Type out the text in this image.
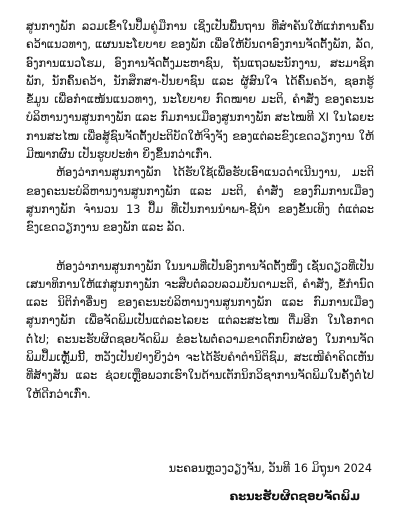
ສູນກາງພັກ ລວມເຂົ້າໃນປຶ້ມຄູ່ມືການ ເຊິ່ງເປັນພື້ນຖານ ທີ່ສຳຄັນໃຫ້ແກ່ການຄົ້ນຄວ້າແນວທາງ, ແຜນນະໂຍບາຍ ຂອງພັກ ເພື່ອໃຫ້ບັນດາອົງການຈັດຕັ້ງພັກ, ລັດ, ອົງການແນວໂຮມ, ອົງການຈັດຕັ້ງມະຫາຊົນ, ຖັນແຖວພະນັກງານ, ສະມາຊິກພັກ, ນັກຄົ້ນຄວ້າ, ນັກສຶກສາ-ປັນຍາຊົນ ແລະ ຜູ້ສົນໃຈ ໄດ້ຄົ້ນຄວ້າ, ຊອກຮູ້ຂໍ້ມູນ ເພື່ອກຳແໜ້ນແນວທາງ, ນະໂຍບາຍ ກົດໝາຍ ມະຕິ, ຄຳສັ່ງ ຂອງຄະນະບໍລິຫານງານສູນກາງພັກ ແລະ ກົມການເມືອງສູນກາງພັກ ສະໄໝທີ XI ໃນໄລຍະການສະໄໝ ເພື່ອສູ້ຊົນຈັດຕັ້ງປະຕິບັດໃຫ້ຈິງຈັງ ຂອງແຕ່ລະຂົງເຂດວຽກງານ ໃຫ້ມີໝາກຜົນ ເປັນຮູບປະທຳ ຍິ່ງຂຶ້ນກວ່າເກົ່າ.

ຫ້ອງວ່າການສູນກາງພັກ ໄດ້ຮັບໃຊ້ເພື່ອຮັບເອົາແນວດຳເນີນງານ, ມະຕິ ຂອງຄະນະບໍລິຫານງານສູນກາງພັກ ແລະ ມະຕິ, ຄຳສັ່ງ ຂອງກົມການເມືອງສູນກາງພັກ ຈຳນວນ 13 ປຶ້ມ ທີ່ເປັນການນຳພາ-ຊີ້ນຳ ຂອງຂັ້ນເທິງ ຕໍ່ແຕ່ລະຂົງເຂດວຽກງານ ຂອງພັກ ແລະ ລັດ.

ຫ້ອງວ່າການສູນກາງພັກ ໃນນາມທີ່ເປັນອົງການຈັດຕັ້ງໜຶ່ງ ເຊັ່ນດຽວທີ່ເປັນເສນາທິການໃຫ້ແກ່ສູນກາງພັກ ຈະສືບຕໍ່ລວບລວມບັນດາມະຕິ, ຄຳສັ່ງ, ຂໍ້ກຳນົດ ແລະ ນິຕິກຳອື່ນໆ ຂອງຄະນະບໍລິຫານງານສູນກາງພັກ ແລະ ກົມການເມືອງສູນກາງພັກ ເພື່ອຈັດພິມເປັນແຕ່ລະໄລຍະ ແຕ່ລະສະໄໝ ຕື່ມອີກ ໃນໂອກາດຕໍ່ໄປ; ຄະນະຮັບຜິດຊອບຈັດພິມ ຂໍອະໄພຕໍ່ຄວາມຂາດຕົກບົກຜ່ອງ ໃນການຈັດພິມປຶ້ມເຫຼັ້ມນີ້, ຫວັງເປັນຢ່າງຍິ່ງວ່າ ຈະໄດ້ຮັບຄຳຕຳນິຕິຊົມ, ສະເໜີຄຳຄິດເຫັນ ທີ່ສ້າງສັນ ແລະ ຊ່ວຍເຫຼືອພວກເຮົາໃນດ້ານເຕັກນິກວິຊາການຈັດພິມໃນຄັ້ງຕໍ່ໄປ ໃຫ້ດີກວ່າເກົ່າ.

ນະຄອນຫຼວງວຽງຈັນ, ວັນທີ 16 ມິຖຸນາ 2024
ຄະນະຮັບຜິດຊອບຈັດພິມ
